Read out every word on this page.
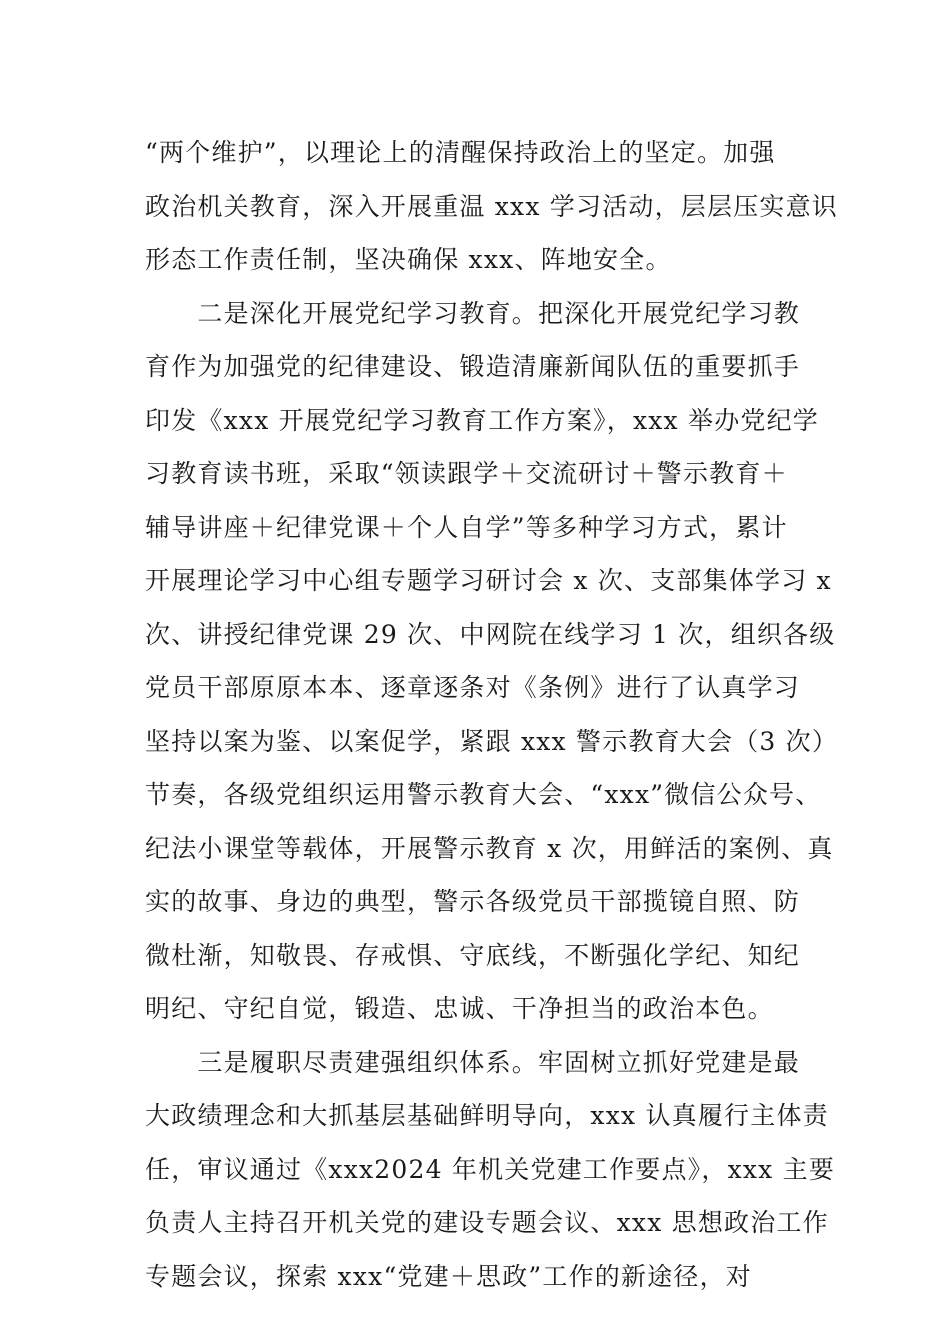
“两个维护”，以理论上的清醒保持政治上的坚定。加强
政治机关教育，深入开展重温 xxx 学习活动，层层压实意识
形态工作责任制，坚决确保 xxx、阵地安全。
　　二是深化开展党纪学习教育。把深化开展党纪学习教
育作为加强党的纪律建设、锻造清廉新闻队伍的重要抓手
印发《xxx 开展党纪学习教育工作方案》，xxx 举办党纪学
习教育读书班，采取“领读跟学＋交流研讨＋警示教育＋
辅导讲座＋纪律党课＋个人自学”等多种学习方式，累计
开展理论学习中心组专题学习研讨会 x 次、支部集体学习 x
次、讲授纪律党课 29 次、中网院在线学习 1 次，组织各级
党员干部原原本本、逐章逐条对《条例》进行了认真学习
坚持以案为鉴、以案促学，紧跟 xxx 警示教育大会（3 次）
节奏，各级党组织运用警示教育大会、“xxx”微信公众号、
纪法小课堂等载体，开展警示教育 x 次，用鲜活的案例、真
实的故事、身边的典型，警示各级党员干部揽镜自照、防
微杜渐，知敬畏、存戒惧、守底线，不断强化学纪、知纪
明纪、守纪自觉，锻造、忠诚、干净担当的政治本色。
　　三是履职尽责建强组织体系。牢固树立抓好党建是最
大政绩理念和大抓基层基础鲜明导向，xxx 认真履行主体责
任，审议通过《xxx2024 年机关党建工作要点》，xxx 主要
负责人主持召开机关党的建设专题会议、xxx 思想政治工作
专题会议，探索 xxx“党建＋思政”工作的新途径，对
